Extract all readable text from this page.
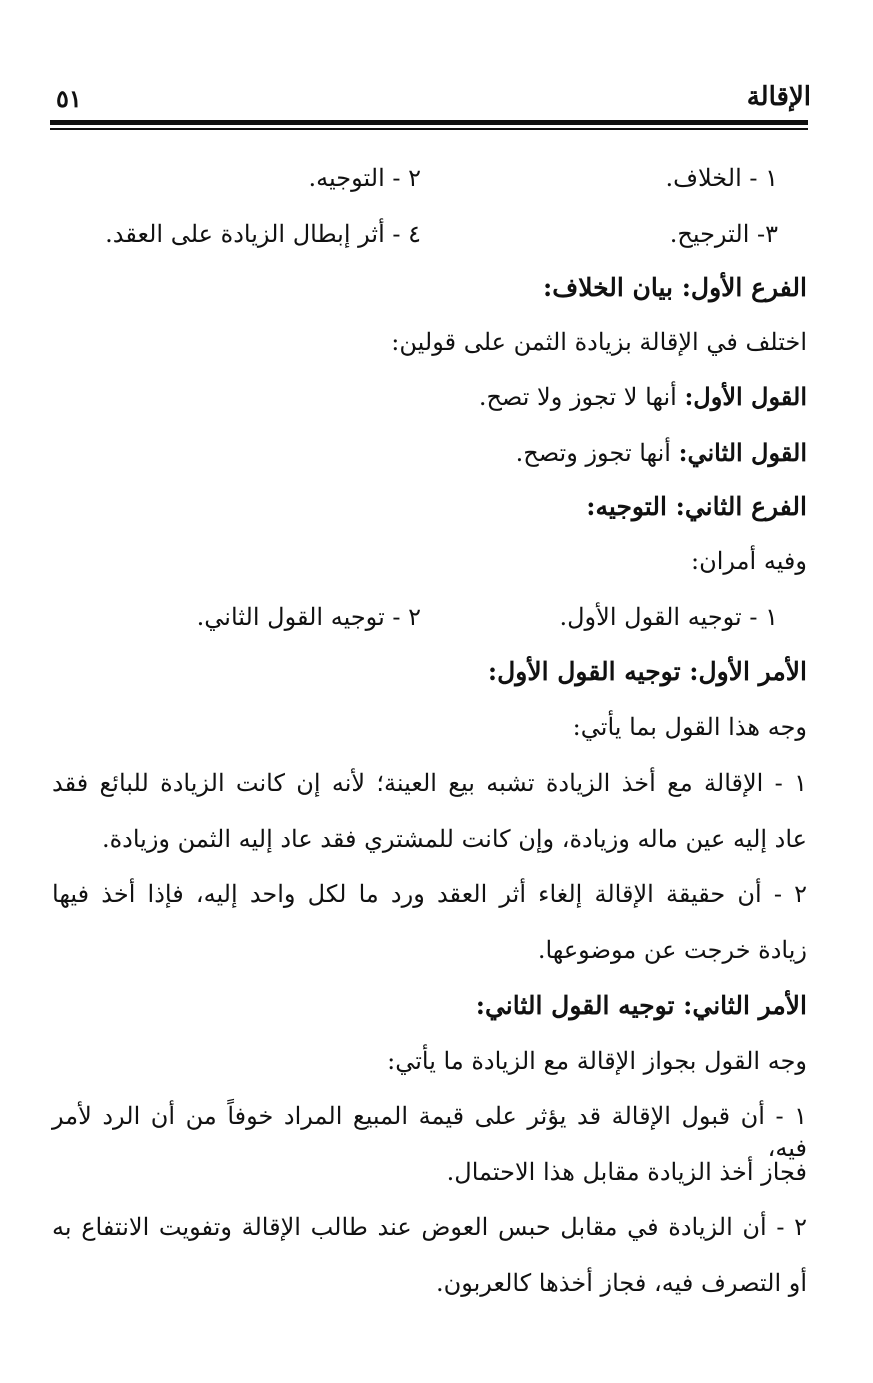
الإقالة
٥١
١ - الخلاف.
٢ - التوجيه.
٣- الترجيح.
٤ - أثر إبطال الزيادة على العقد.
الفرع الأول: بيان الخلاف:
اختلف في الإقالة بزيادة الثمن على قولين:
القول الأول: أنها لا تجوز ولا تصح.
القول الثاني: أنها تجوز وتصح.
الفرع الثاني: التوجيه:
وفيه أمران:
١ - توجيه القول الأول.
٢ - توجيه القول الثاني.
الأمر الأول: توجيه القول الأول:
وجه هذا القول بما يأتي:
١ - الإقالة مع أخذ الزيادة تشبه بيع العينة؛ لأنه إن كانت الزيادة للبائع فقد
عاد إليه عين ماله وزيادة، وإن كانت للمشتري فقد عاد إليه الثمن وزيادة.
٢ - أن حقيقة الإقالة إلغاء أثر العقد ورد ما لكل واحد إليه، فإذا أخذ فيها
زيادة خرجت عن موضوعها.
الأمر الثاني: توجيه القول الثاني:
وجه القول بجواز الإقالة مع الزيادة ما يأتي:
١ - أن قبول الإقالة قد يؤثر على قيمة المبيع المراد خوفاً من أن الرد لأمر فيه،
فجاز أخذ الزيادة مقابل هذا الاحتمال.
٢ - أن الزيادة في مقابل حبس العوض عند طالب الإقالة وتفويت الانتفاع به
أو التصرف فيه، فجاز أخذها كالعربون.
